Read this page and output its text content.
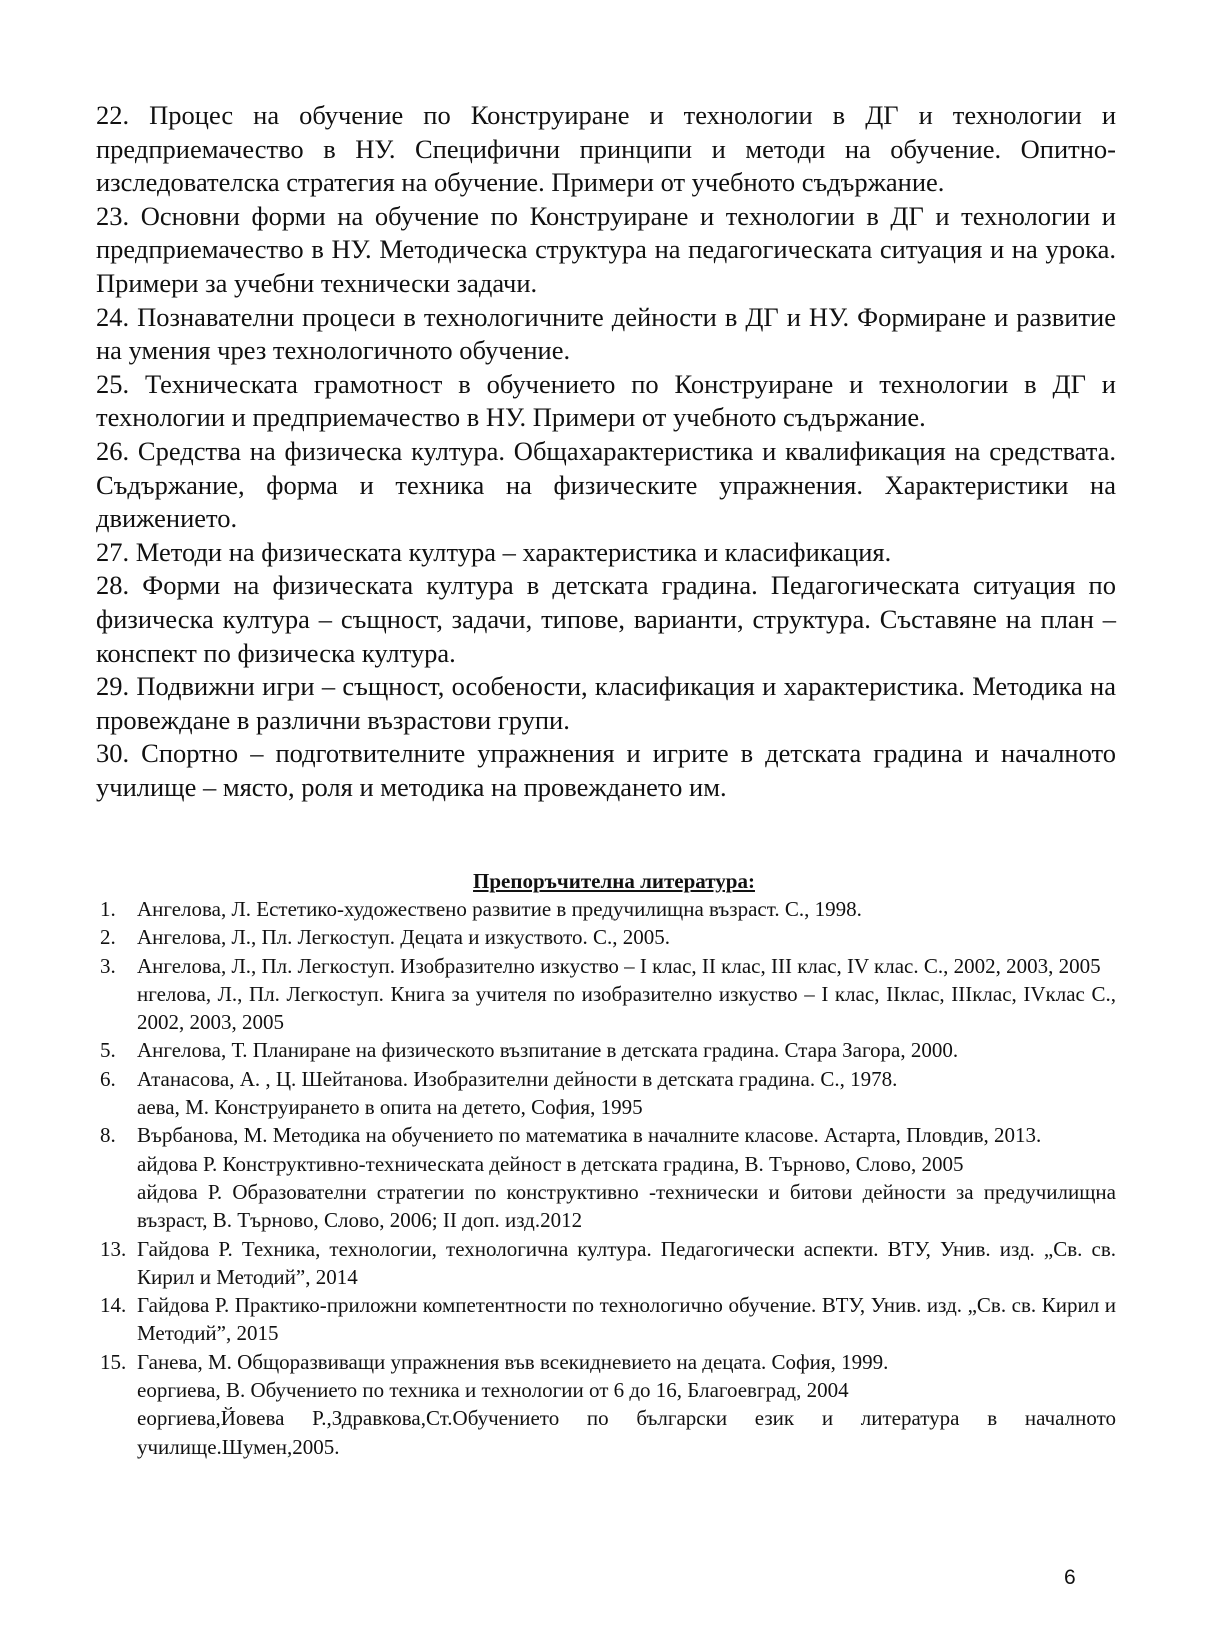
22. Процес на обучение по Конструиране и технологии в ДГ и технологии и предприемачество в НУ. Специфични принципи и методи на обучение. Опитно-изследователска стратегия на обучение. Примери от учебното съдържание.

23. Основни форми на обучение по Конструиране и технологии в ДГ и технологии и предприемачество в НУ. Методическа структура на педагогическата ситуация и на урока. Примери за учебни технически задачи.

24. Познавателни процеси в технологичните дейности в ДГ и НУ. Формиране и развитие на умения чрез технологичното обучение.

25. Техническата грамотност в обучението по Конструиране и технологии в ДГ и технологии и предприемачество в НУ. Примери от учебното съдържание.

26. Средства на физическа култура. Общахарактеристика и квалификация на средствата. Съдържание, форма и техника на физическите упражнения. Характеристики на движението.

27. Методи на физическата култура – характеристика и класификация.

28. Форми на физическата култура в детската градина. Педагогическата ситуация по физическа култура – същност, задачи, типове, варианти, структура. Съставяне на план – конспект по физическа култура.

29. Подвижни игри – същност, особености, класификация и характеристика. Методика на провеждане в различни възрастови групи.

30. Спортно – подготвителните упражнения и игрите в детската градина и началното училище – място, роля и методика на провеждането им.

Препоръчителна литература:
1.	Ангелова, Л. Естетико-художествено развитие в предучилищна възраст. С., 1998.
2.	Ангелова, Л., Пл. Легкоступ. Децата и изкуството. С., 2005.
3.	Ангелова, Л., Пл. Легкоступ. Изобразително изкуство – I клас, II клас, III клас, IV клас. С., 2002, 2003, 2005
нгелова, Л., Пл. Легкоступ. Книга за учителя по изобразително изкуство – I клас, IIклас, IIIклас, IVклас С., 2002, 2003, 2005
5.	Ангелова, Т. Планиране на физическото възпитание в детската градина. Стара Загора, 2000.
6.	Атанасова, А. , Ц. Шейтанова. Изобразителни дейности в детската градина. С., 1978.
аева, М. Конструирането в опита на детето, София, 1995
8.	Върбанова, М. Методика на обучението по математика в началните класове. Астарта, Пловдив, 2013.
айдова Р. Конструктивно-техническата дейност в детската градина, В. Търново, Слово, 2005
айдова Р. Образователни стратегии по конструктивно -технически и битови дейности за предучилищна възраст, В. Търново, Слово, 2006; II доп. изд.2012
13. Гайдова Р. Техника, технологии, технологична култура. Педагогически аспекти. ВТУ, Унив. изд. „Св. св. Кирил и Методий”, 2014
14. Гайдова Р. Практико-приложни компетентности по технологично обучение. ВТУ, Унив. изд. „Св. св. Кирил и Методий”, 2015
15. Ганева, М. Общоразвиващи упражнения във всекидневието на децата. София, 1999.
еоргиева, В. Обучението по техника и технологии от 6 до 16, Благоевград, 2004
еоргиева,Йовева Р.,Здравкова,Ст.Обучението по български език и литература в началното училище.Шумен,2005.
6
